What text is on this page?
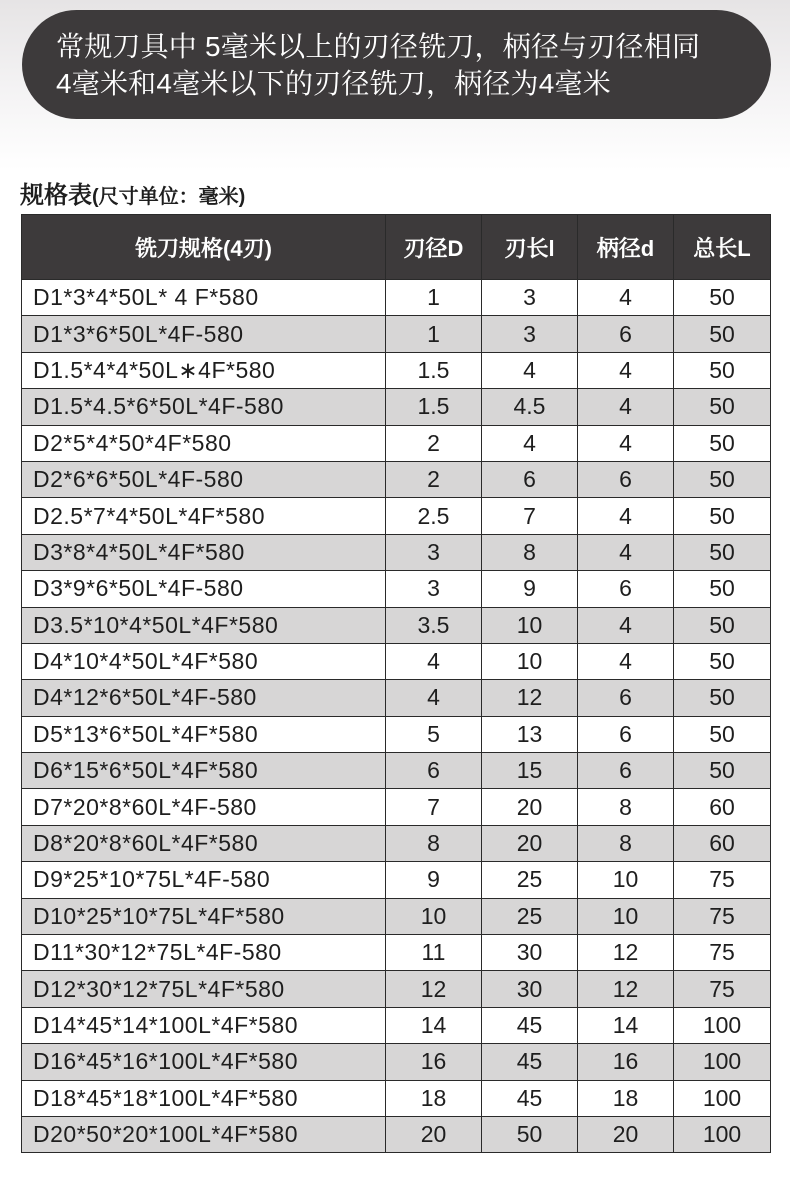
常规刀具中 5毫米以上的刃径铣刀，柄径与刃径相同
4毫米和4毫米以下的刃径铣刀，柄径为4毫米
规格表(尺寸单位：毫米)
铣刀规格(4刃)	刃径D	刃长l	柄径d	总长L
D1*3*4*50L* 4 F*580	1	3	4	50
D1*3*6*50L*4F-580	1	3	6	50
D1.5*4*4*50L∗4F*580	1.5	4	4	50
D1.5*4.5*6*50L*4F-580	1.5	4.5	4	50
D2*5*4*50*4F*580	2	4	4	50
D2*6*6*50L*4F-580	2	6	6	50
D2.5*7*4*50L*4F*580	2.5	7	4	50
D3*8*4*50L*4F*580	3	8	4	50
D3*9*6*50L*4F-580	3	9	6	50
D3.5*10*4*50L*4F*580	3.5	10	4	50
D4*10*4*50L*4F*580	4	10	4	50
D4*12*6*50L*4F-580	4	12	6	50
D5*13*6*50L*4F*580	5	13	6	50
D6*15*6*50L*4F*580	6	15	6	50
D7*20*8*60L*4F-580	7	20	8	60
D8*20*8*60L*4F*580	8	20	8	60
D9*25*10*75L*4F-580	9	25	10	75
D10*25*10*75L*4F*580	10	25	10	75
D11*30*12*75L*4F-580	11	30	12	75
D12*30*12*75L*4F*580	12	30	12	75
D14*45*14*100L*4F*580	14	45	14	100
D16*45*16*100L*4F*580	16	45	16	100
D18*45*18*100L*4F*580	18	45	18	100
D20*50*20*100L*4F*580	20	50	20	100
